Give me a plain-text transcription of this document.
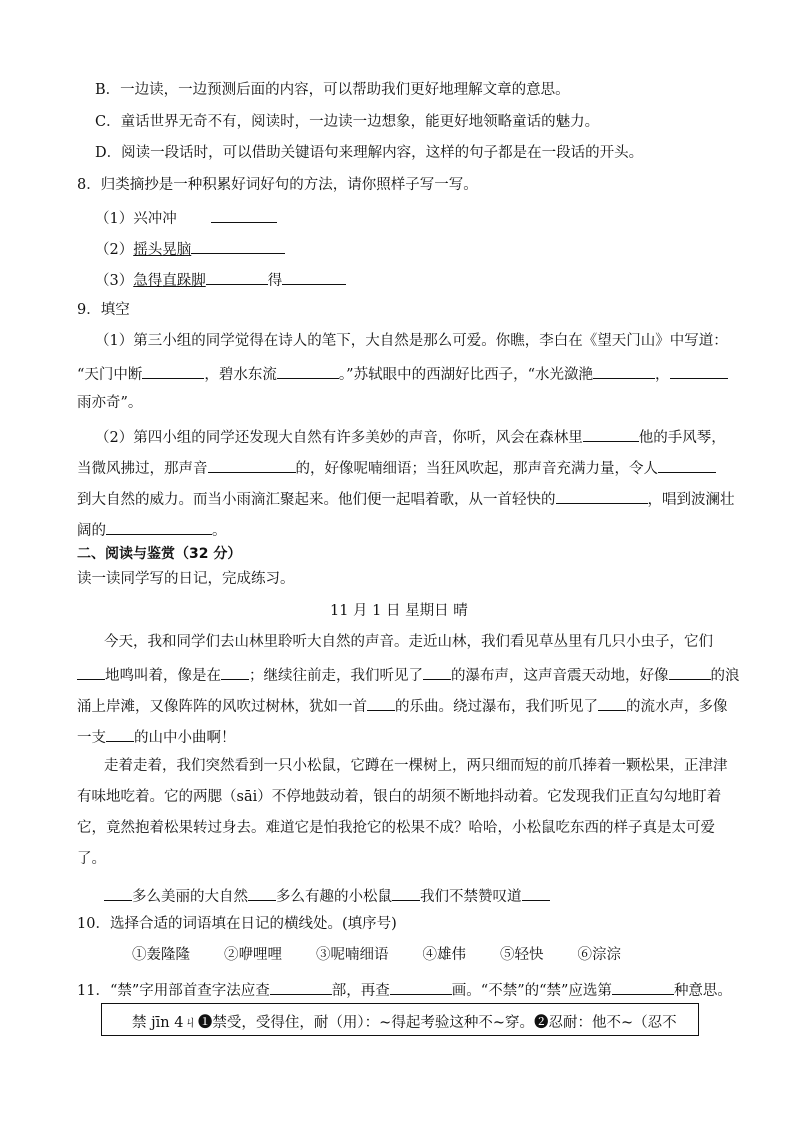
B．一边读，一边预测后面的内容，可以帮助我们更好地理解文章的意思。
C．童话世界无奇不有，阅读时，一边读一边想象，能更好地领略童话的魅力。
D．阅读一段话时，可以借助关键语句来理解内容，这样的句子都是在一段话的开头。
8．归类摘抄是一种积累好词好句的方法，请你照样子写一写。
（1）兴冲冲
（2）摇头晃脑
（3）急得直跺脚	得
9．填空
（1）第三小组的同学觉得在诗人的笔下，大自然是那么可爱。你瞧，李白在《望天门山》中写道：
“天门中断	，碧水东流	。”苏轼眼中的西湖好比西子，“水光潋滟	，
雨亦奇”。
（2）第四小组的同学还发现大自然有许多美妙的声音，你听，风会在森林里	他的手风琴，
当微风拂过，那声音	的，好像呢喃细语；当狂风吹起，那声音充满力量，令人
到大自然的威力。而当小雨滴汇聚起来。他们便一起唱着歌，从一首轻快的	，唱到波澜壮
阔的	。
二、阅读与鉴赏（32 分）
读一读同学写的日记，完成练习。
11 月 1 日 星期日 晴
今天，我和同学们去山林里聆听大自然的声音。走近山林，我们看见草丛里有几只小虫子，它们
地鸣叫着，像是在 ；继续往前走，我们听见了 的瀑布声，这声音震天动地，好像	的浪
涌上岸滩，又像阵阵的风吹过树林，犹如一首 的乐曲。绕过瀑布，我们听见了 的流水声，多像
一支 的山中小曲啊！
走着走着，我们突然看到一只小松鼠，它蹲在一棵树上，两只细而短的前爪捧着一颗松果，正津津
有味地吃着。它的两腮（sāi）不停地鼓动着，银白的胡须不断地抖动着。它发现我们正直勾勾地盯着
它，竟然抱着松果转过身去。难道它是怕我抢它的松果不成？哈哈，小松鼠吃东西的样子真是太可爱
了。
多么美丽的大自然 多么有趣的小松鼠 我们不禁赞叹道
10．选择合适的词语填在日记的横线处。(填序号)
①轰隆隆 ②咿哩哩 ③呢喃细语 ④雄伟 ⑤轻快 ⑥淙淙
11．“禁”字用部首查字法应查	部，再查	画。“不禁”的“禁”应选第	种意思。
禁 jīn 4ㄐ❶禁受，受得住，耐（用）：~得起考验这种不~穿。❷忍耐：他不~（忍不
